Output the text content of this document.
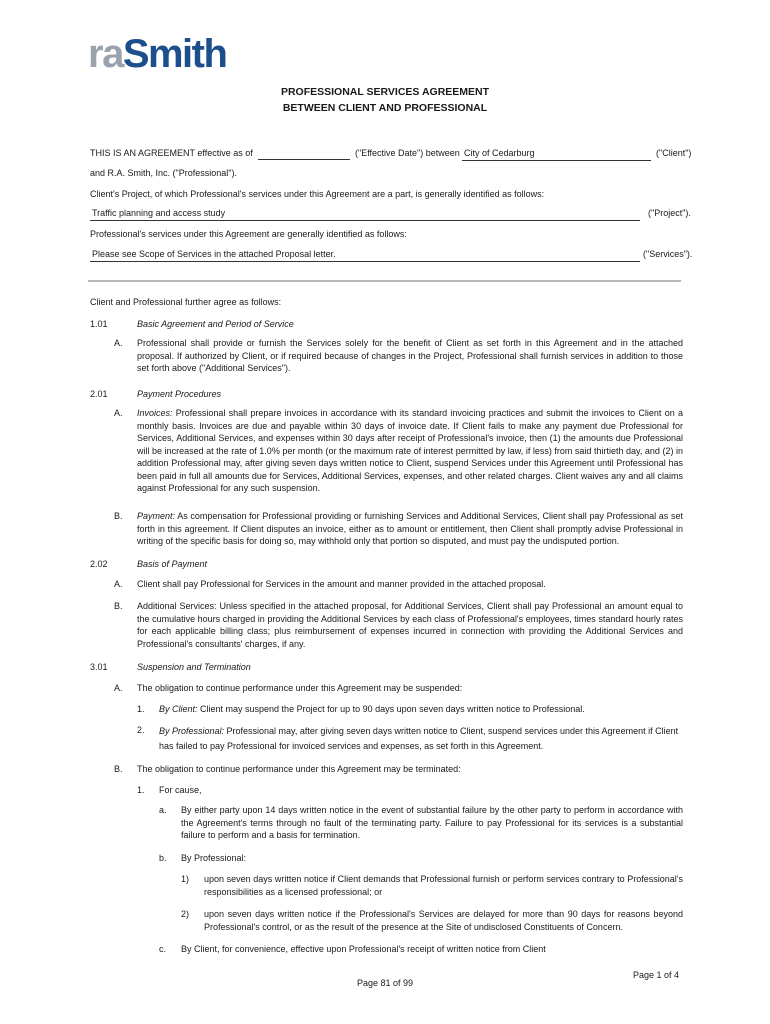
raSmith
PROFESSIONAL SERVICES AGREEMENT
BETWEEN CLIENT AND PROFESSIONAL
THIS IS AN AGREEMENT effective as of	("Effective Date") between City of Cedarburg	("Client")
and R.A. Smith, Inc. ("Professional").
Client's Project, of which Professional's services under this Agreement are a part, is generally identified as follows:
Traffic planning and access study	("Project").
Professional's services under this Agreement are generally identified as follows:
Please see Scope of Services in the attached Proposal letter.	("Services").
Client and Professional further agree as follows:
1.01	Basic Agreement and Period of Service
A. Professional shall provide or furnish the Services solely for the benefit of Client as set forth in this Agreement and in the attached proposal. If authorized by Client, or if required because of changes in the Project, Professional shall furnish services in addition to those set forth above ("Additional Services").
2.01	Payment Procedures
A. Invoices: Professional shall prepare invoices in accordance with its standard invoicing practices and submit the invoices to Client on a monthly basis. Invoices are due and payable within 30 days of invoice date. If Client fails to make any payment due Professional for Services, Additional Services, and expenses within 30 days after receipt of Professional's invoice, then (1) the amounts due Professional will be increased at the rate of 1.0% per month (or the maximum rate of interest permitted by law, if less) from said thirtieth day, and (2) in addition Professional may, after giving seven days written notice to Client, suspend Services under this Agreement until Professional has been paid in full all amounts due for Services, Additional Services, expenses, and other related charges. Client waives any and all claims against Professional for any such suspension.
B. Payment: As compensation for Professional providing or furnishing Services and Additional Services, Client shall pay Professional as set forth in this agreement. If Client disputes an invoice, either as to amount or entitlement, then Client shall promptly advise Professional in writing of the specific basis for doing so, may withhold only that portion so disputed, and must pay the undisputed portion.
2.02	Basis of Payment
A. Client shall pay Professional for Services in the amount and manner provided in the attached proposal.
B. Additional Services: Unless specified in the attached proposal, for Additional Services, Client shall pay Professional an amount equal to the cumulative hours charged in providing the Additional Services by each class of Professional's employees, times standard hourly rates for each applicable billing class; plus reimbursement of expenses incurred in connection with providing the Additional Services and Professional's consultants' charges, if any.
3.01	Suspension and Termination
A. The obligation to continue performance under this Agreement may be suspended:
1. By Client: Client may suspend the Project for up to 90 days upon seven days written notice to Professional.
2. By Professional: Professional may, after giving seven days written notice to Client, suspend services under this Agreement if Client has failed to pay Professional for invoiced services and expenses, as set forth in this Agreement.
B. The obligation to continue performance under this Agreement may be terminated:
1. For cause,
a. By either party upon 14 days written notice in the event of substantial failure by the other party to perform in accordance with the Agreement's terms through no fault of the terminating party. Failure to pay Professional for its services is a substantial failure to perform and a basis for termination.
b. By Professional:
1) upon seven days written notice if Client demands that Professional furnish or perform services contrary to Professional's responsibilities as a licensed professional; or
2) upon seven days written notice if the Professional's Services are delayed for more than 90 days for reasons beyond Professional's control, or as the result of the presence at the Site of undisclosed Constituents of Concern.
c. By Client, for convenience, effective upon Professional's receipt of written notice from Client
Page 1 of 4
Page 81 of 99
